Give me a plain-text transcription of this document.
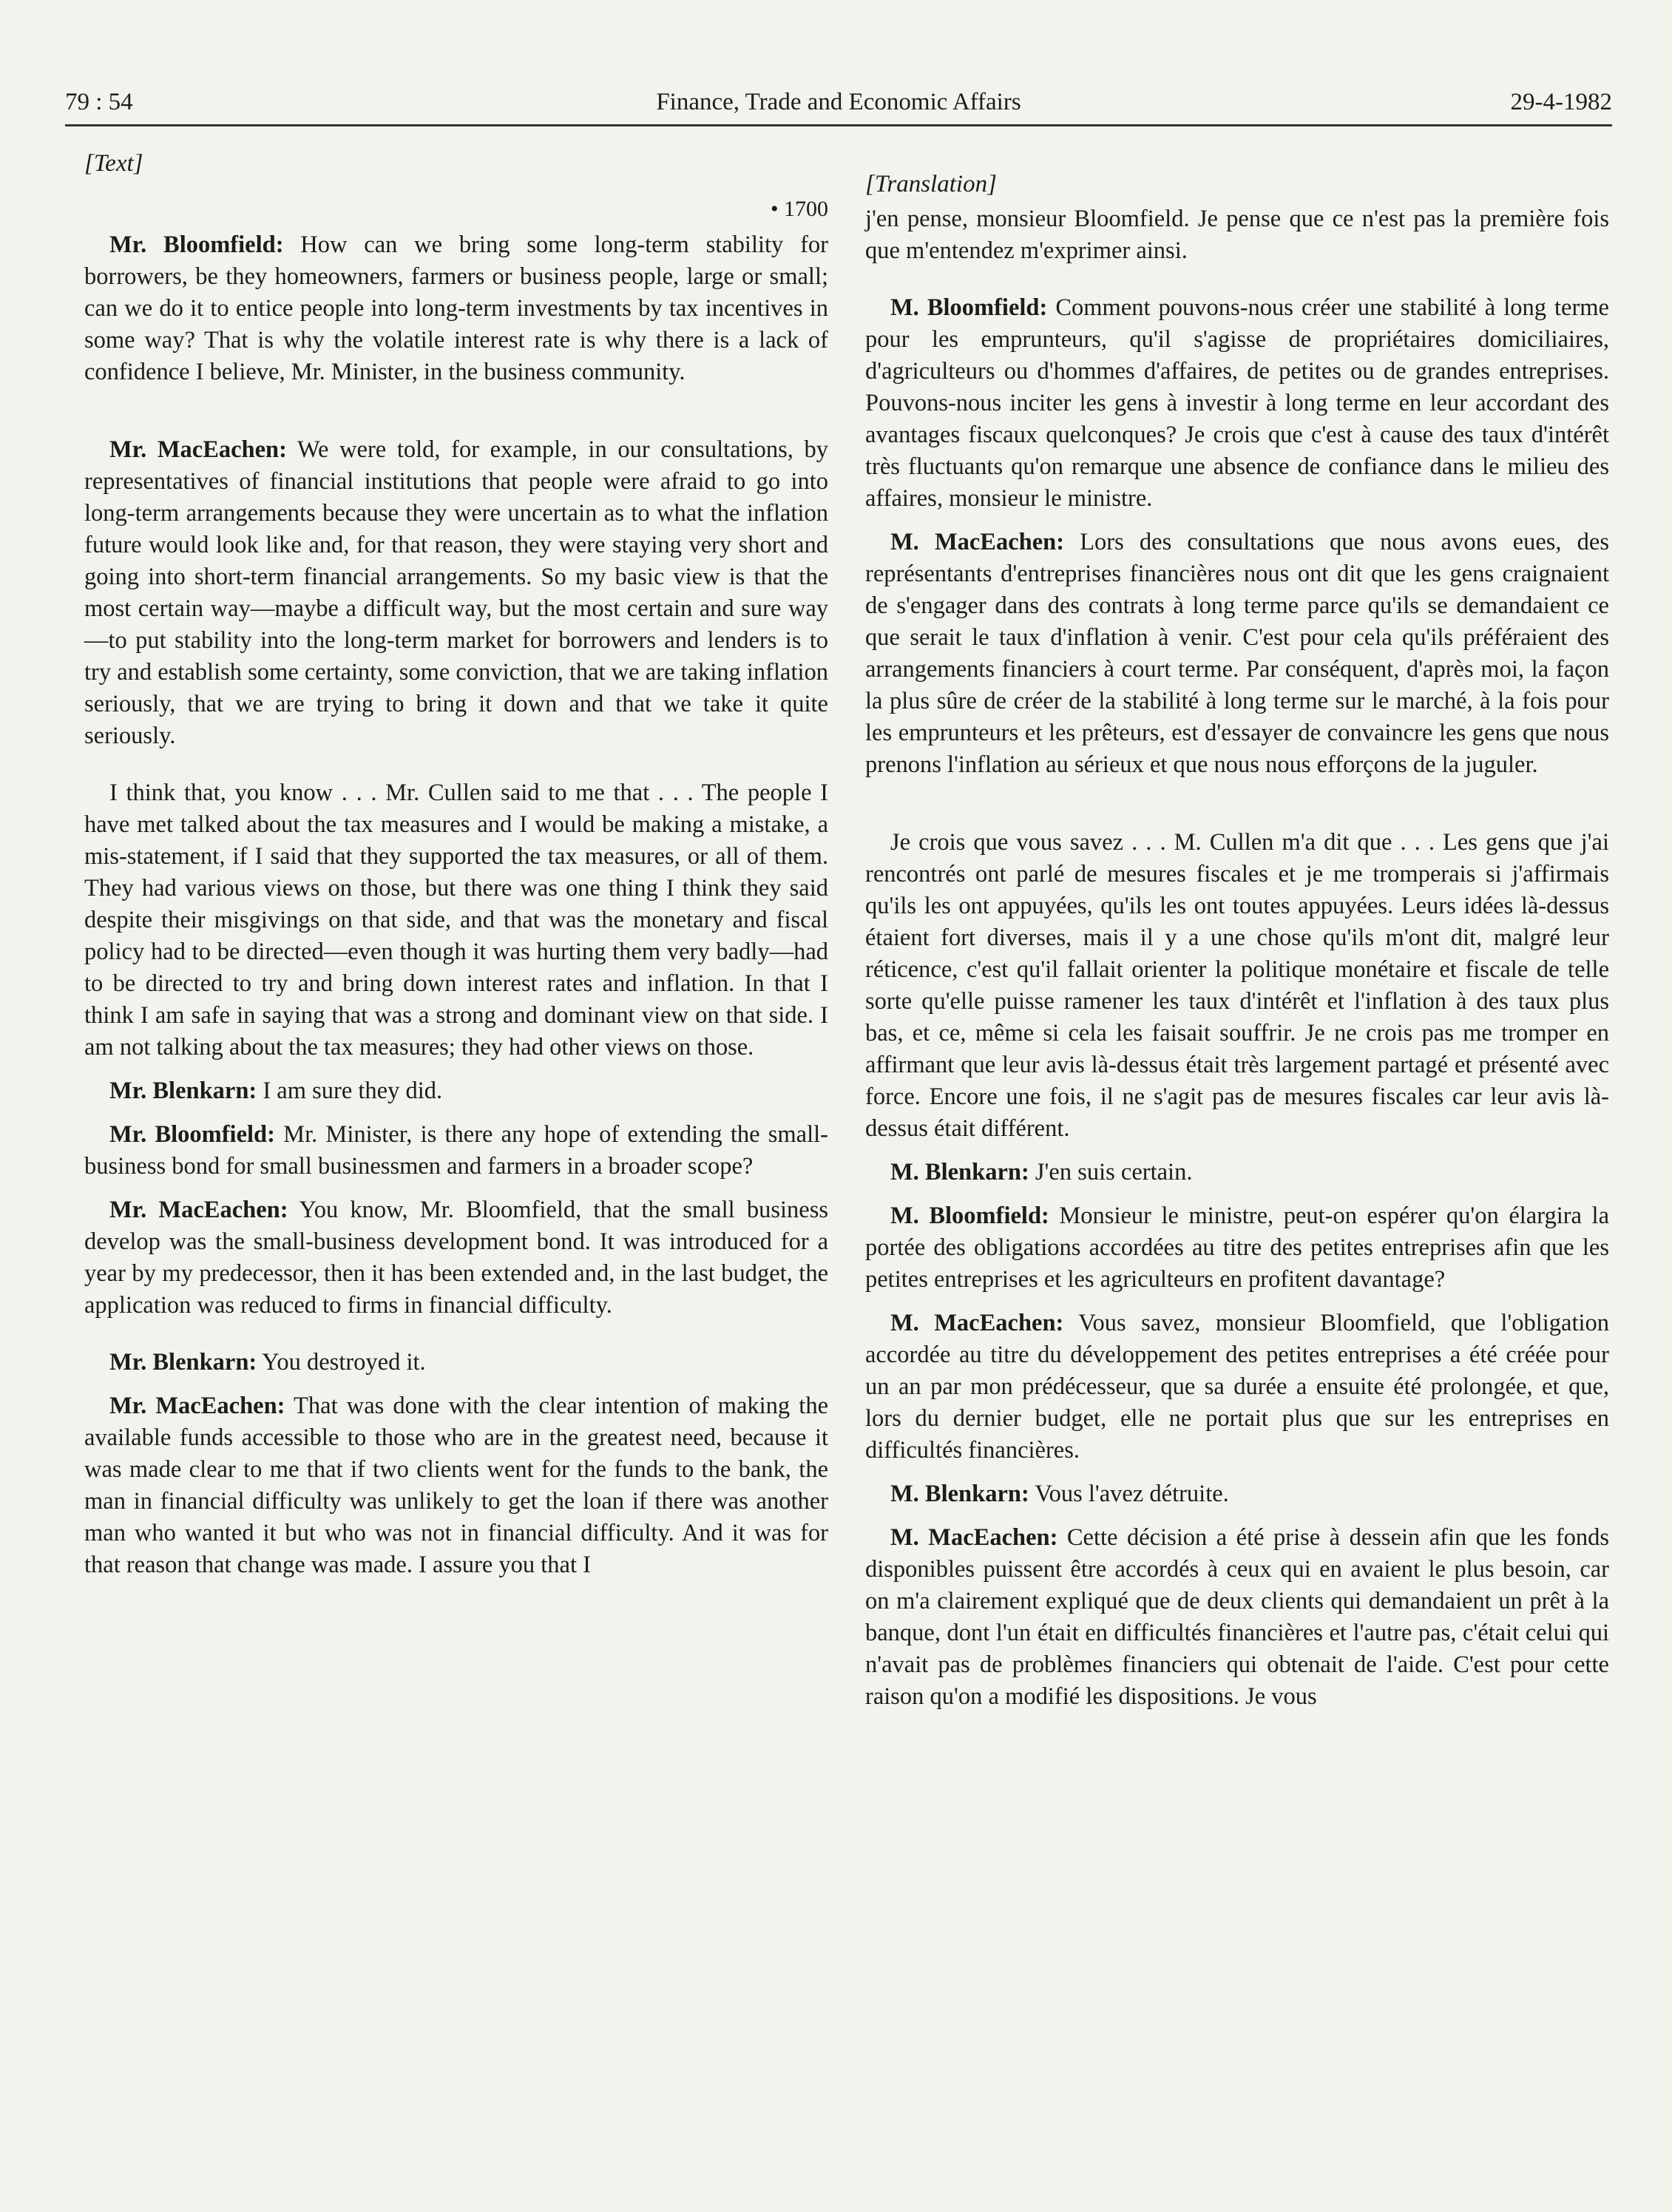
79 : 54	Finance, Trade and Economic Affairs	29-4-1982
[Text]
• 1700

Mr. Bloomfield: How can we bring some long-term stability for borrowers, be they homeowners, farmers or business people, large or small; can we do it to entice people into long-term investments by tax incentives in some way? That is why the volatile interest rate is why there is a lack of confidence I believe, Mr. Minister, in the business community.

Mr. MacEachen: We were told, for example, in our consultations, by representatives of financial institutions that people were afraid to go into long-term arrangements because they were uncertain as to what the inflation future would look like and, for that reason, they were staying very short and going into short-term financial arrangements. So my basic view is that the most certain way—maybe a difficult way, but the most certain and sure way—to put stability into the long-term market for borrowers and lenders is to try and establish some certainty, some conviction, that we are taking inflation seriously, that we are trying to bring it down and that we take it quite seriously.

I think that, you know . . . Mr. Cullen said to me that . . . The people I have met talked about the tax measures and I would be making a mistake, a mis-statement, if I said that they supported the tax measures, or all of them. They had various views on those, but there was one thing I think they said despite their misgivings on that side, and that was the monetary and fiscal policy had to be directed—even though it was hurting them very badly—had to be directed to try and bring down interest rates and inflation. In that I think I am safe in saying that was a strong and dominant view on that side. I am not talking about the tax measures; they had other views on those.

Mr. Blenkarn: I am sure they did.

Mr. Bloomfield: Mr. Minister, is there any hope of extending the small-business bond for small businessmen and farmers in a broader scope?

Mr. MacEachen: You know, Mr. Bloomfield, that the small business develop was the small-business development bond. It was introduced for a year by my predecessor, then it has been extended and, in the last budget, the application was reduced to firms in financial difficulty.

Mr. Blenkarn: You destroyed it.

Mr. MacEachen: That was done with the clear intention of making the available funds accessible to those who are in the greatest need, because it was made clear to me that if two clients went for the funds to the bank, the man in financial difficulty was unlikely to get the loan if there was another man who wanted it but who was not in financial difficulty. And it was for that reason that change was made. I assure you that I

[Translation]

j'en pense, monsieur Bloomfield. Je pense que ce n'est pas la première fois que m'entendez m'exprimer ainsi.

M. Bloomfield: Comment pouvons-nous créer une stabilité à long terme pour les emprunteurs, qu'il s'agisse de propriétaires domiciliaires, d'agriculteurs ou d'hommes d'affaires, de petites ou de grandes entreprises. Pouvons-nous inciter les gens à investir à long terme en leur accordant des avantages fiscaux quelconques? Je crois que c'est à cause des taux d'intérêt très fluctuants qu'on remarque une absence de confiance dans le milieu des affaires, monsieur le ministre.

M. MacEachen: Lors des consultations que nous avons eues, des représentants d'entreprises financières nous ont dit que les gens craignaient de s'engager dans des contrats à long terme parce qu'ils se demandaient ce que serait le taux d'inflation à venir. C'est pour cela qu'ils préféraient des arrangements financiers à court terme. Par conséquent, d'après moi, la façon la plus sûre de créer de la stabilité à long terme sur le marché, à la fois pour les emprunteurs et les prêteurs, est d'essayer de convaincre les gens que nous prenons l'inflation au sérieux et que nous nous efforçons de la juguler.

Je crois que vous savez . . . M. Cullen m'a dit que . . . Les gens que j'ai rencontrés ont parlé de mesures fiscales et je me tromperais si j'affirmais qu'ils les ont appuyées, qu'ils les ont toutes appuyées. Leurs idées là-dessus étaient fort diverses, mais il y a une chose qu'ils m'ont dit, malgré leur réticence, c'est qu'il fallait orienter la politique monétaire et fiscale de telle sorte qu'elle puisse ramener les taux d'intérêt et l'inflation à des taux plus bas, et ce, même si cela les faisait souffrir. Je ne crois pas me tromper en affirmant que leur avis là-dessus était très largement partagé et présenté avec force. Encore une fois, il ne s'agit pas de mesures fiscales car leur avis là-dessus était différent.

M. Blenkarn: J'en suis certain.

M. Bloomfield: Monsieur le ministre, peut-on espérer qu'on élargira la portée des obligations accordées au titre des petites entreprises afin que les petites entreprises et les agriculteurs en profitent davantage?

M. MacEachen: Vous savez, monsieur Bloomfield, que l'obligation accordée au titre du développement des petites entreprises a été créée pour un an par mon prédécesseur, que sa durée a ensuite été prolongée, et que, lors du dernier budget, elle ne portait plus que sur les entreprises en difficultés financières.

M. Blenkarn: Vous l'avez détruite.

M. MacEachen: Cette décision a été prise à dessein afin que les fonds disponibles puissent être accordés à ceux qui en avaient le plus besoin, car on m'a clairement expliqué que de deux clients qui demandaient un prêt à la banque, dont l'un était en difficultés financières et l'autre pas, c'était celui qui n'avait pas de problèmes financiers qui obtenait de l'aide. C'est pour cette raison qu'on a modifié les dispositions. Je vous
